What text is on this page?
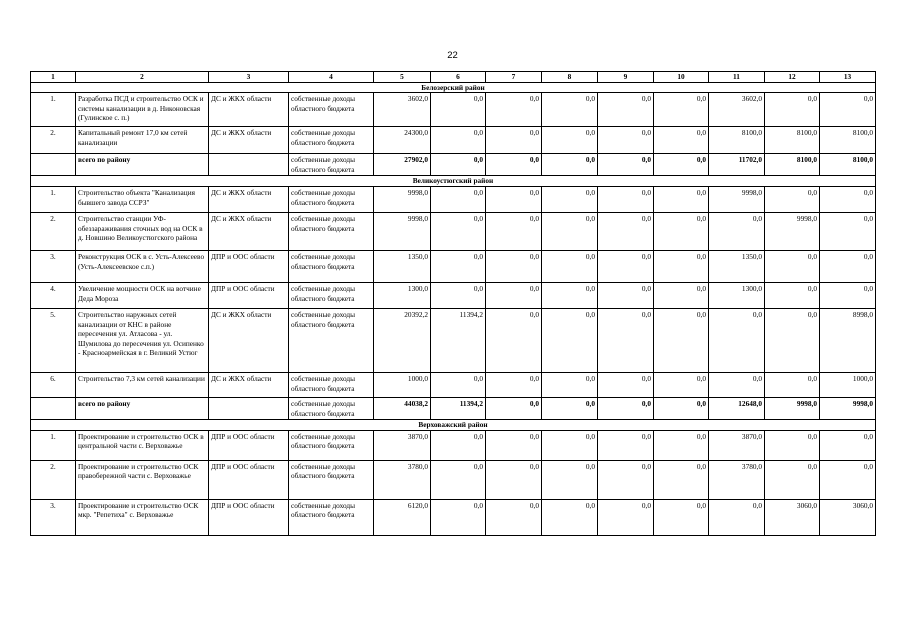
22
1	2	3	4	5	6	7	8	9	10	11	12	13
Белозерский район												
1.	Разработка ПСД и строительство ОСК и системы канализации в д. Никоновская (Гулинское с. п.)	ДС и ЖКХ области	собственные доходы областного бюджета	3602,0	0,0	0,0	0,0	0,0	0,0	3602,0	0,0	0,0
2.	Капитальный ремонт 17,0 км сетей канализации	ДС и ЖКХ области	собственные доходы областного бюджета	24300,0	0,0	0,0	0,0	0,0	0,0	8100,0	8100,0	8100,0
	всего по району		собственные доходы областного бюджета	27902,0	0,0	0,0	0,0	0,0	0,0	11702,0	8100,0	8100,0
Великоустюгский район												
1.	Строительство объекта "Канализация бывшего завода ССРЗ"	ДС и ЖКХ области	собственные доходы областного бюджета	9998,0	0,0	0,0	0,0	0,0	0,0	9998,0	0,0	0,0
2.	Строительство станции УФ-обеззараживания сточных вод на ОСК в д. Новшино Великоустюгского района	ДС и ЖКХ области	собственные доходы областного бюджета	9998,0	0,0	0,0	0,0	0,0	0,0	0,0	9998,0	0,0
3.	Реконструкция ОСК в с. Усть-Алексеево (Усть-Алексеевское с.п.)	ДПР и ООС области	собственные доходы областного бюджета	1350,0	0,0	0,0	0,0	0,0	0,0	1350,0	0,0	0,0
4.	Увеличение мощности ОСК на вотчине Деда Мороза	ДПР и ООС области	собственные доходы областного бюджета	1300,0	0,0	0,0	0,0	0,0	0,0	1300,0	0,0	0,0
5.	Строительство наружных сетей канализации от КНС в районе пересечения ул. Атласова - ул. Шумилова до пересечения ул. Осипенко - Красноармейская в г. Великий Устюг	ДС и ЖКХ области	собственные доходы областного бюджета	20392,2	11394,2	0,0	0,0	0,0	0,0	0,0	0,0	8998,0
6.	Строительство 7,3 км сетей канализации	ДС и ЖКХ области	собственные доходы областного бюджета	1000,0	0,0	0,0	0,0	0,0	0,0	0,0	0,0	1000,0
	всего по району		собственные доходы областного бюджета	44038,2	11394,2	0,0	0,0	0,0	0,0	12648,0	9998,0	9998,0
Верховажский район												
1.	Проектирование и строительство ОСК в центральной части с. Верховажье	ДПР и ООС области	собственные доходы областного бюджета	3870,0	0,0	0,0	0,0	0,0	0,0	3870,0	0,0	0,0
2.	Проектирование и строительство ОСК правобережной части с. Верховажье	ДПР и ООС области	собственные доходы областного бюджета	3780,0	0,0	0,0	0,0	0,0	0,0	3780,0	0,0	0,0
3.	Проектирование и строительство ОСК мкр. "Репетиха" с. Верховажье	ДПР и ООС области	собственные доходы областного бюджета	6120,0	0,0	0,0	0,0	0,0	0,0	0,0	3060,0	3060,0
